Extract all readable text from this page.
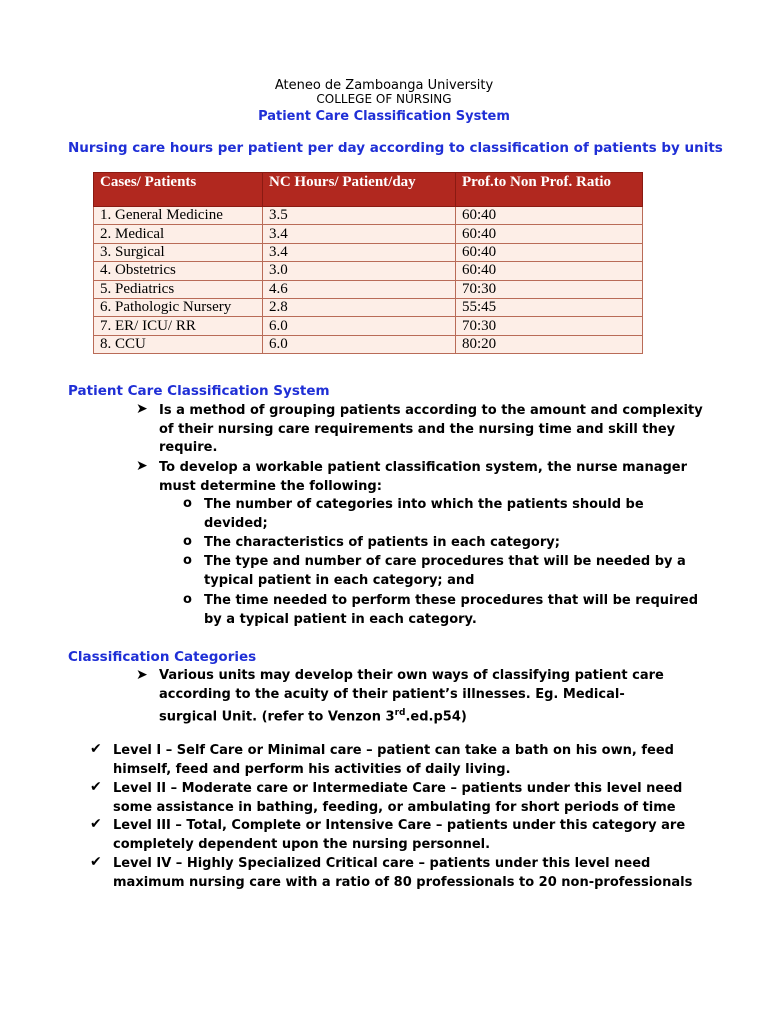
Ateneo de Zamboanga University
COLLEGE OF NURSING
Patient Care Classification System
Nursing care hours per patient per day according to classification of patients by units
Cases/ Patients	NC Hours/ Patient/day	Prof.to Non Prof. Ratio
1. General Medicine	3.5	60:40
2. Medical	3.4	60:40
3. Surgical	3.4	60:40
4. Obstetrics	3.0	60:40
5. Pediatrics	4.6	70:30
6. Pathologic Nursery	2.8	55:45
7. ER/ ICU/ RR	6.0	70:30
8. CCU	6.0	80:20
Patient Care Classification System
➤ Is a method of grouping patients according to the amount and complexity of their nursing care requirements and the nursing time and skill they require.
➤ To develop a workable patient classification system, the nurse manager must determine the following:
o The number of categories into which the patients should be devided;
o The characteristics of patients in each category;
o The type and number of care procedures that will be needed by a typical patient in each category; and
o The time needed to perform these procedures that will be required by a typical patient in each category.
Classification Categories
➤ Various units may develop their own ways of classifying patient care according to the acuity of their patient’s illnesses. Eg. Medical-surgical Unit. (refer to Venzon 3rd.ed.p54)
✔ Level I – Self Care or Minimal care – patient can take a bath on his own, feed himself, feed and perform his activities of daily living.
✔ Level II – Moderate care or Intermediate Care – patients under this level need some assistance in bathing, feeding, or ambulating for short periods of time
✔ Level III – Total, Complete or Intensive Care – patients under this category are completely dependent upon the nursing personnel.
✔ Level IV – Highly Specialized Critical care – patients under this level need maximum nursing care with a ratio of 80 professionals to 20 non-professionals
